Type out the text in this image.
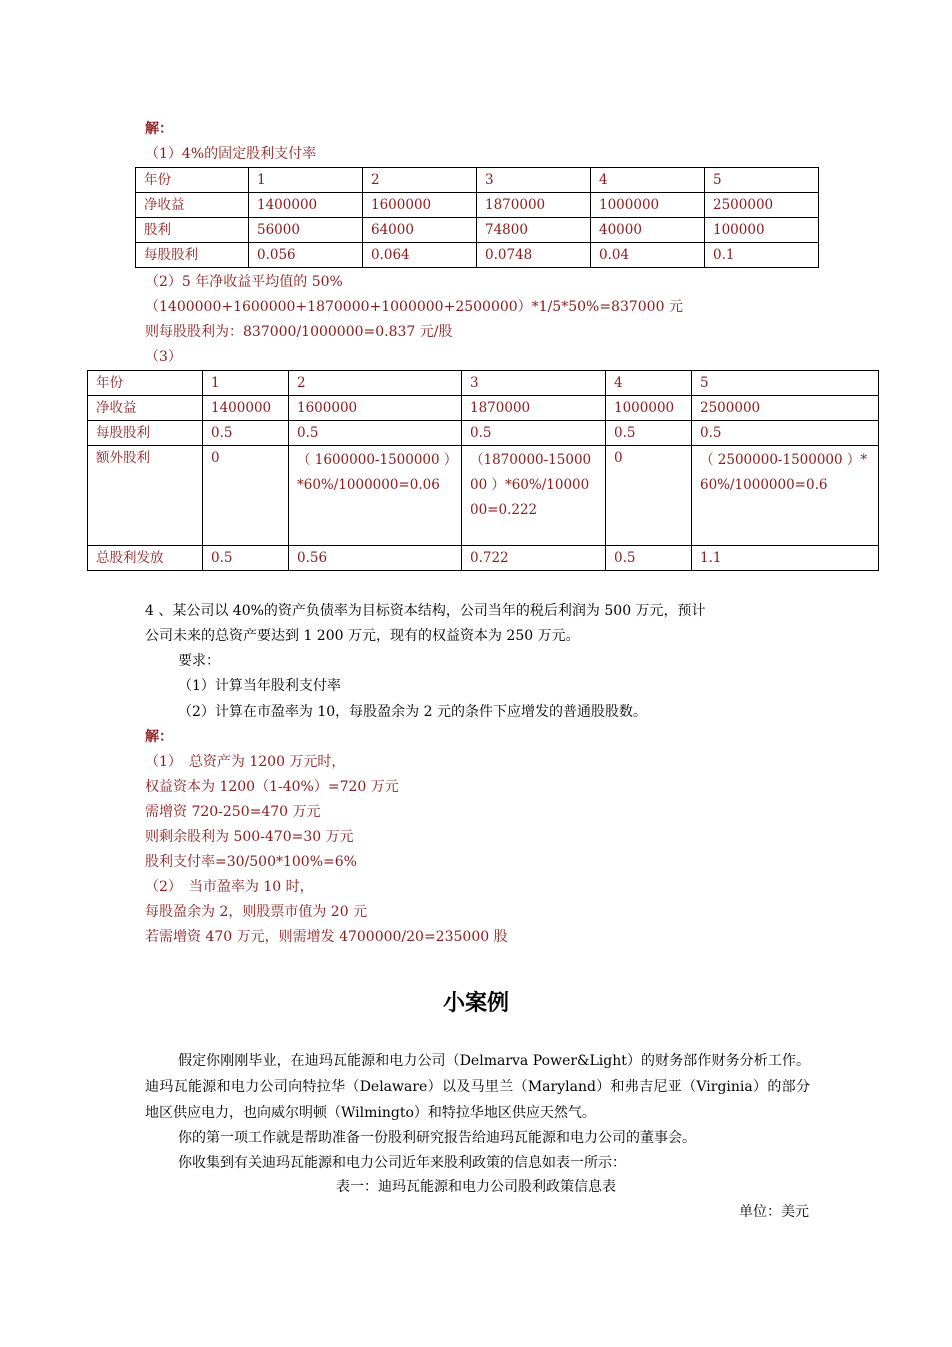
解：
（1）4%的固定股利支付率
年份	1	2	3	4	5
净收益	1400000	1600000	1870000	1000000	2500000
股利	56000	64000	74800	40000	100000
每股股利	0.056	0.064	0.0748	0.04	0.1
（2）5 年净收益平均值的 50%
（1400000+1600000+1870000+1000000+2500000）*1/5*50%=837000 元
则每股股利为：837000/1000000=0.837 元/股
（3）
年份	1	2	3	4	5
净收益	1400000	1600000	1870000	1000000	2500000
每股股利	0.5	0.5	0.5	0.5	0.5
额外股利	0	（ 1600000-1500000 ）*60%/1000000=0.06	（1870000-1500000 ）*60%/1000000=0.222	0	（ 2500000-1500000 ）*60%/1000000=0.6
总股利发放	0.5	0.56	0.722	0.5	1.1
4 、某公司以 40%的资产负债率为目标资本结构，公司当年的税后利润为 500 万元，预计
公司未来的总资产要达到 1 200 万元，现有的权益资本为 250 万元。
要求：
（1）计算当年股利支付率
（2）计算在市盈率为 10，每股盈余为 2 元的条件下应增发的普通股股数。
解：
（1）　总资产为 1200 万元时，
权益资本为 1200（1-40%）=720 万元
需增资 720-250=470 万元
则剩余股利为 500-470=30 万元
股利支付率=30/500*100%=6%
（2）　当市盈率为 10 时，
每股盈余为 2，则股票市值为 20 元
若需增资 470 万元，则需增发 4700000/20=235000 股
小案例
假定你刚刚毕业，在迪玛瓦能源和电力公司（Delmarva Power&Light）的财务部作财务分析工作。迪玛瓦能源和电力公司向特拉华（Delaware）以及马里兰（Maryland）和弗吉尼亚（Virginia）的部分地区供应电力，也向威尔明顿（Wilmingto）和特拉华地区供应天然气。
你的第一项工作就是帮助准备一份股利研究报告给迪玛瓦能源和电力公司的董事会。
你收集到有关迪玛瓦能源和电力公司近年来股利政策的信息如表一所示：
表一：迪玛瓦能源和电力公司股利政策信息表
单位：美元
